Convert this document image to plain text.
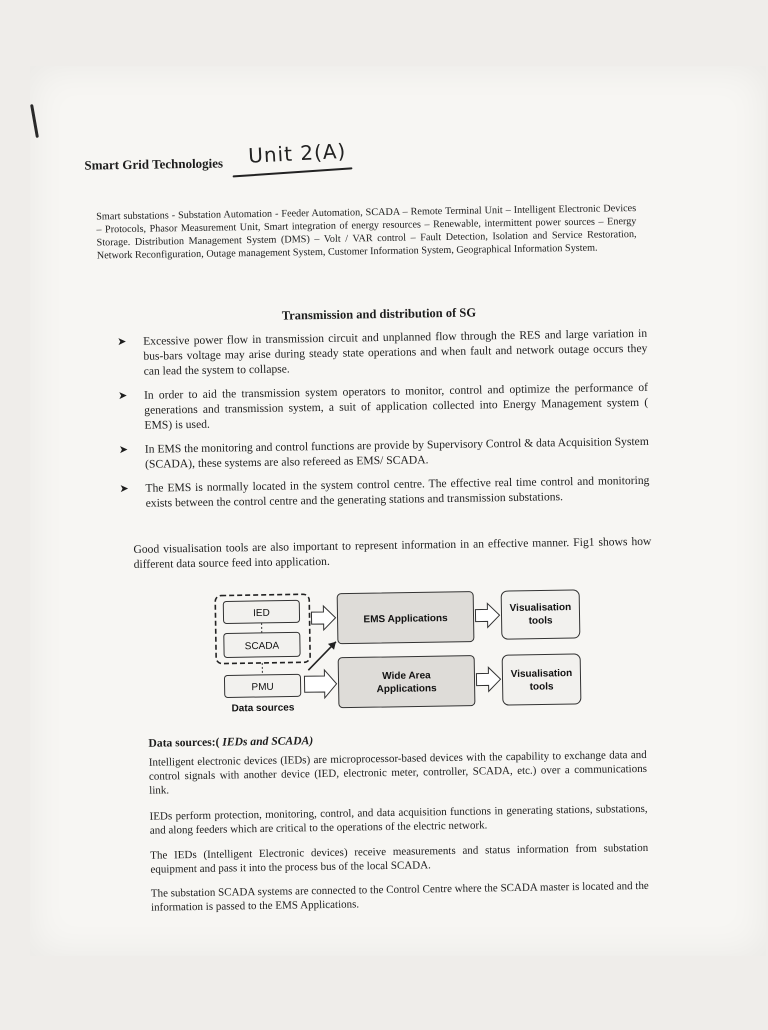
Smart Grid Technologies Unit 2(A)
Smart substations - Substation Automation - Feeder Automation, SCADA – Remote Terminal Unit – Intelligent Electronic Devices – Protocols, Phasor Measurement Unit, Smart integration of energy resources – Renewable, intermittent power sources – Energy Storage. Distribution Management System (DMS) – Volt / VAR control – Fault Detection, Isolation and Service Restoration, Network Reconfiguration, Outage management System, Customer Information System, Geographical Information System.
Transmission and distribution of SG
➤ Excessive power flow in transmission circuit and unplanned flow through the RES and large variation in bus-bars voltage may arise during steady state operations and when fault and network outage occurs they can lead the system to collapse.
➤ In order to aid the transmission system operators to monitor, control and optimize the performance of generations and transmission system, a suit of application collected into Energy Management system ( EMS) is used.
➤ In EMS the monitoring and control functions are provide by Supervisory Control & data Acquisition System (SCADA), these systems are also refereed as EMS/ SCADA.
➤ The EMS is normally located in the system control centre. The effective real time control and monitoring exists between the control centre and the generating stations and transmission substations.
Good visualisation tools are also important to represent information in an effective manner. Fig1 shows how different data source feed into application.
IED
SCADA
PMU
Data sources
EMS Applications
Wide Area
Applications
Visualisation
tools
Visualisation
tools
Data sources:( IEDs and SCADA)
Intelligent electronic devices (IEDs) are microprocessor-based devices with the capability to exchange data and control signals with another device (IED, electronic meter, controller, SCADA, etc.) over a communications link.
IEDs perform protection, monitoring, control, and data acquisition functions in generating stations, substations, and along feeders which are critical to the operations of the electric network.
The IEDs (Intelligent Electronic devices) receive measurements and status information from substation equipment and pass it into the process bus of the local SCADA.
The substation SCADA systems are connected to the Control Centre where the SCADA master is located and the information is passed to the EMS Applications.
